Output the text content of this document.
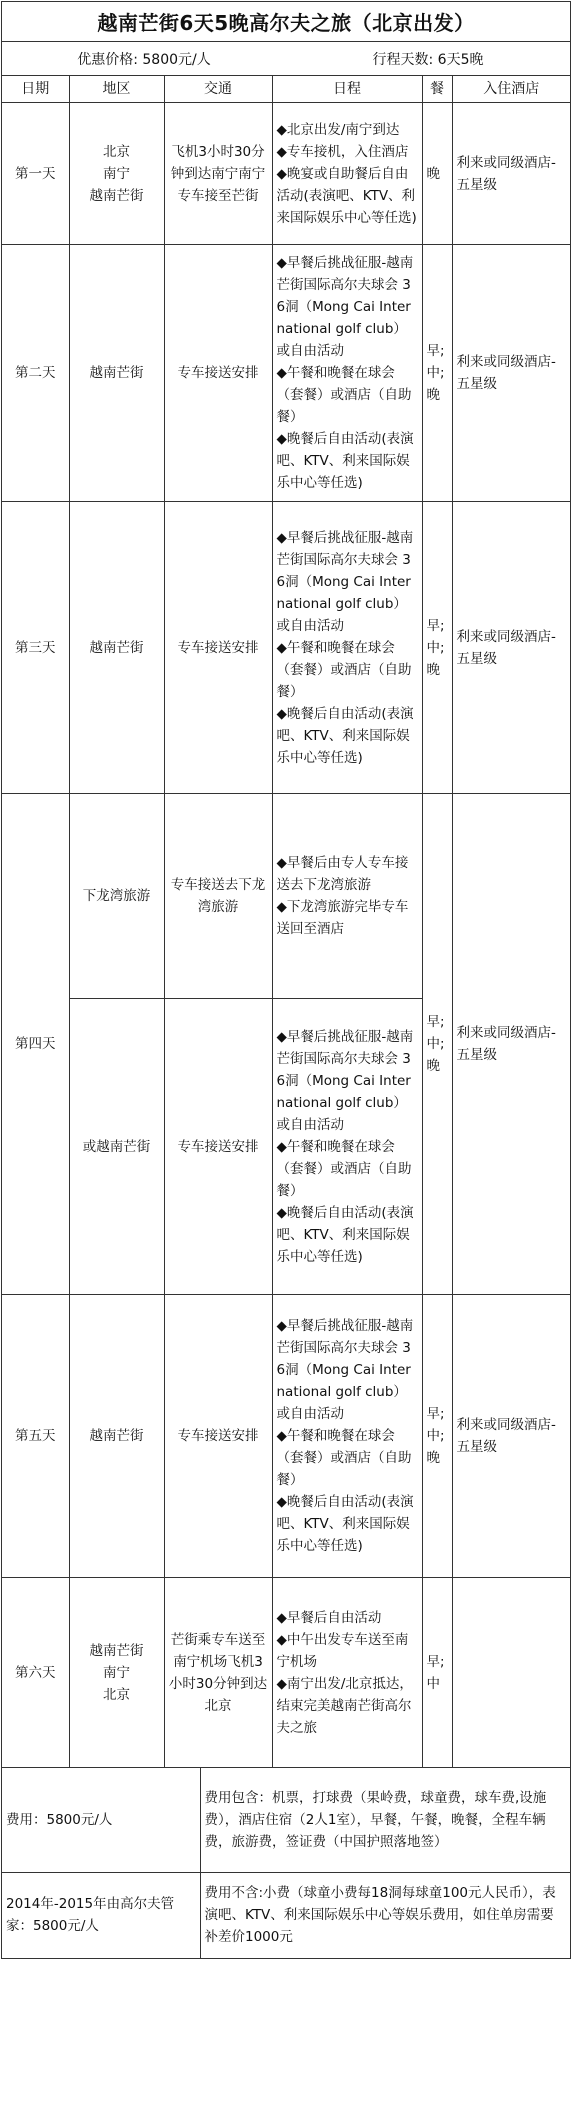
越南芒街6天5晚高尔夫之旅（北京出发）
优惠价格: 5800元/人	行程天数: 6天5晚
日期	地区	交通	日程	餐	入住酒店
第一天	北京
南宁
越南芒街	飞机3小时30分钟到达南宁南宁专车接至芒街	◆北京出发/南宁到达
◆专车接机，入住酒店
◆晚宴或自助餐后自由活动(表演吧、KTV、利来国际娱乐中心等任选)	晚	利来或同级酒店-五星级
第二天	越南芒街	专车接送安排	◆早餐后挑战征服-越南芒街国际高尔夫球会 36洞（Mong Cai International golf club）或自由活动
◆午餐和晚餐在球会（套餐）或酒店（自助餐）
◆晚餐后自由活动(表演吧、KTV、利来国际娱乐中心等任选)	早;中;晚	利来或同级酒店-五星级
第三天	越南芒街	专车接送安排	◆早餐后挑战征服-越南芒街国际高尔夫球会 36洞（Mong Cai International golf club）或自由活动
◆午餐和晚餐在球会（套餐）或酒店（自助餐）
◆晚餐后自由活动(表演吧、KTV、利来国际娱乐中心等任选)	早;中;晚	利来或同级酒店-五星级
第四天	下龙湾旅游	专车接送去下龙湾旅游	◆早餐后由专人专车接送去下龙湾旅游
◆下龙湾旅游完毕专车送回至酒店	早;中;晚	利来或同级酒店-五星级
	或越南芒街	专车接送安排	◆早餐后挑战征服-越南芒街国际高尔夫球会 36洞（Mong Cai International golf club）或自由活动
◆午餐和晚餐在球会（套餐）或酒店（自助餐）
◆晚餐后自由活动(表演吧、KTV、利来国际娱乐中心等任选)		
第五天	越南芒街	专车接送安排	◆早餐后挑战征服-越南芒街国际高尔夫球会 36洞（Mong Cai International golf club）或自由活动
◆午餐和晚餐在球会（套餐）或酒店（自助餐）
◆晚餐后自由活动(表演吧、KTV、利来国际娱乐中心等任选)	早;中;晚	利来或同级酒店-五星级
第六天	越南芒街
南宁
北京	芒街乘专车送至南宁机场飞机3小时30分钟到达北京	◆早餐后自由活动
◆中午出发专车送至南宁机场
◆南宁出发/北京抵达，结束完美越南芒街高尔夫之旅	早;中	
费用：5800元/人	费用包含：机票，打球费（果岭费，球童费，球车费,设施费），酒店住宿（2人1室），早餐，午餐，晚餐，全程车辆费，旅游费，签证费（中国护照落地签）
2014年-2015年由高尔夫管家：5800元/人	费用不含:小费（球童小费每18洞每球童100元人民币），表演吧、KTV、利来国际娱乐中心等娱乐费用，如住单房需要补差价1000元
